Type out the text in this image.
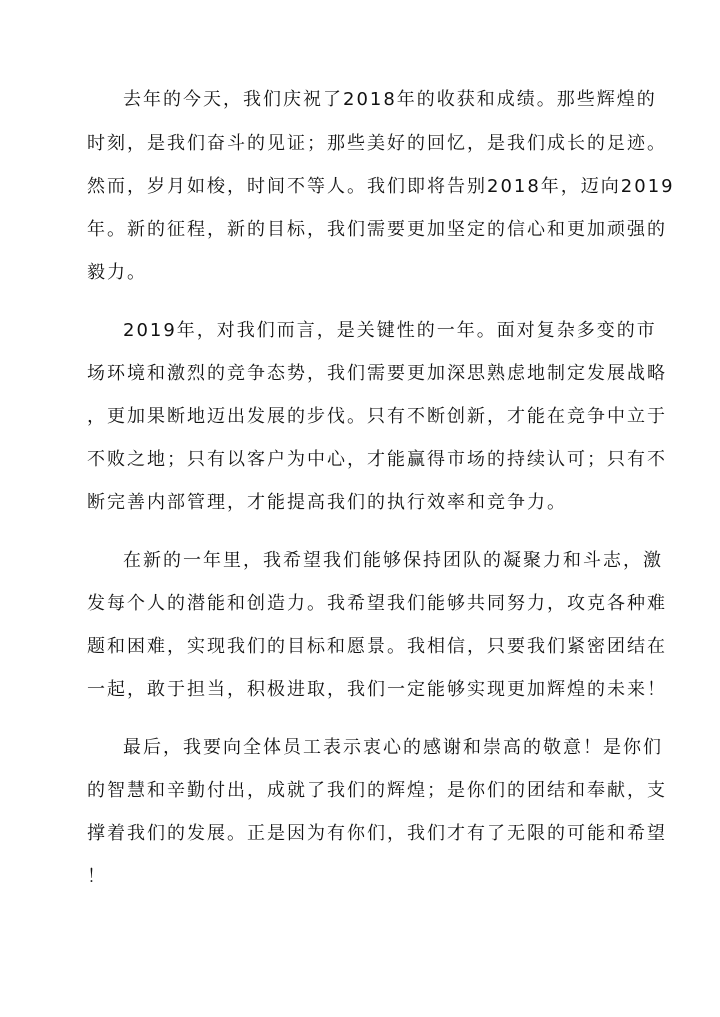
去年的今天，我们庆祝了2018年的收获和成绩。那些辉煌的
时刻，是我们奋斗的见证；那些美好的回忆，是我们成长的足迹。
然而，岁月如梭，时间不等人。我们即将告别2018年，迈向2019
年。新的征程，新的目标，我们需要更加坚定的信心和更加顽强的
毅力。
2019年，对我们而言，是关键性的一年。面对复杂多变的市
场环境和激烈的竞争态势，我们需要更加深思熟虑地制定发展战略
，更加果断地迈出发展的步伐。只有不断创新，才能在竞争中立于
不败之地；只有以客户为中心，才能赢得市场的持续认可；只有不
断完善内部管理，才能提高我们的执行效率和竞争力。
在新的一年里，我希望我们能够保持团队的凝聚力和斗志，激
发每个人的潜能和创造力。我希望我们能够共同努力，攻克各种难
题和困难，实现我们的目标和愿景。我相信，只要我们紧密团结在
一起，敢于担当，积极进取，我们一定能够实现更加辉煌的未来！
最后，我要向全体员工表示衷心的感谢和崇高的敬意！是你们
的智慧和辛勤付出，成就了我们的辉煌；是你们的团结和奉献，支
撑着我们的发展。正是因为有你们，我们才有了无限的可能和希望
！
